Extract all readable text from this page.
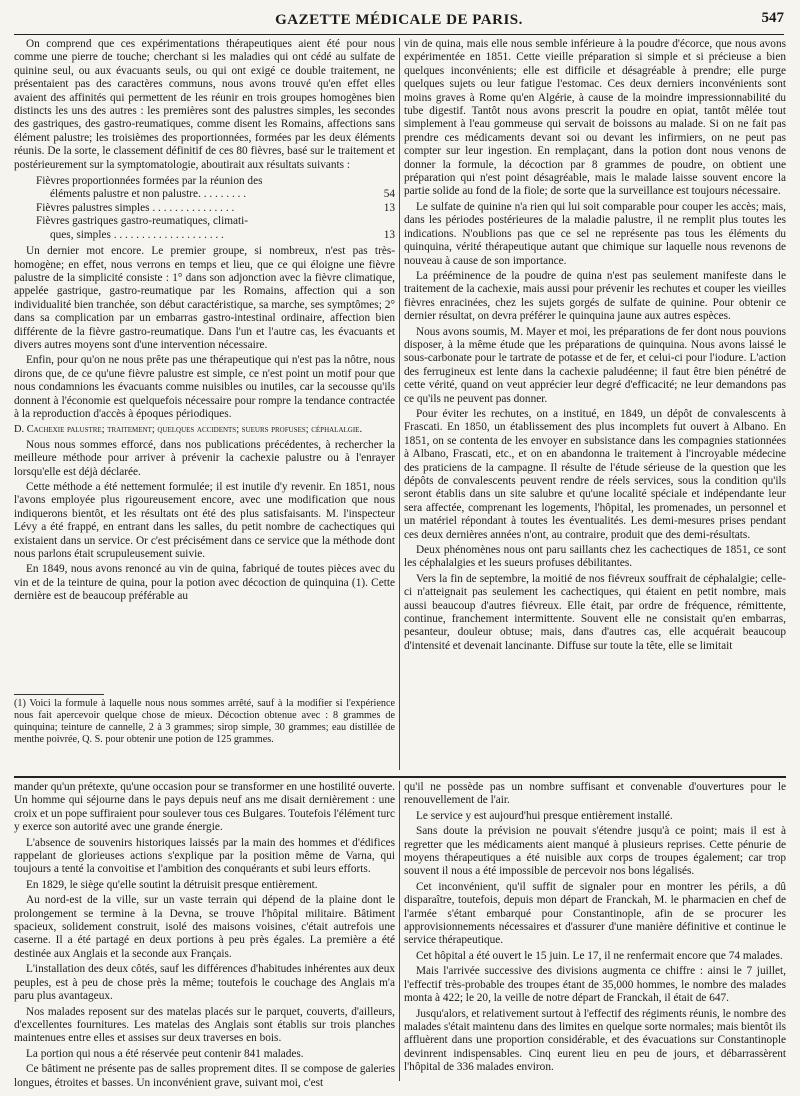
GAZETTE MÉDICALE DE PARIS.	547

On comprend que ces expérimentations thérapeutiques aient été pour nous comme une pierre de touche; cherchant si les maladies qui ont cédé au sulfate de quinine seul, ou aux évacuants seuls, ou qui ont exigé ce double traitement, ne présentaient pas des caractères communs, nous avons trouvé qu'en effet elles avaient des affinités qui permettent de les réunir en trois groupes homogènes bien distincts les uns des autres : les premières sont des palustres simples, les secondes des gastriques, des gastro-reumatiques, comme disent les Romains, affections sans élément palustre; les troisièmes des proportionnées, formées par les deux éléments réunis. De la sorte, le classement définitif de ces 80 fièvres, basé sur le traitement et postérieurement sur la symptomatologie, aboutirait aux résultats suivants :

Fièvres proportionnées formées par la réunion des
éléments palustre et non palustre. . . . . . . . .	54
Fièvres palustres simples . . . . . . . . . . . . . . .	13
Fièvres gastriques gastro-reumatiques, climati-
ques, simples . . . . . . . . . . . . . . . . . . . .	13

Un dernier mot encore. Le premier groupe, si nombreux, n'est pas très-homogène; en effet, nous verrons en temps et lieu, que ce qui éloigne une fièvre palustre de la simplicité consiste : 1° dans son adjonction avec la fièvre climatique, appelée gastrique, gastro-reumatique par les Romains, affection qui a son individualité bien tranchée, son début caractéristique, sa marche, ses symptômes; 2° dans sa complication par un embarras gastro-intestinal ordinaire, affection bien différente de la fièvre gastro-reumatique. Dans l'un et l'autre cas, les évacuants et divers autres moyens sont d'une intervention nécessaire.

Enfin, pour qu'on ne nous prête pas une thérapeutique qui n'est pas la nôtre, nous dirons que, de ce qu'une fièvre palustre est simple, ce n'est point un motif pour que nous condamnions les évacuants comme nuisibles ou inutiles, car la secousse qu'ils donnent à l'économie est quelquefois nécessaire pour rompre la tendance contractée à la reproduction d'accès à époques périodiques.

D. Cachexie palustre; traitement; quelques accidents; sueurs profuses; céphalalgie.

Nous nous sommes efforcé, dans nos publications précédentes, à rechercher la meilleure méthode pour arriver à prévenir la cachexie palustre ou à l'enrayer lorsqu'elle est déjà déclarée.

Cette méthode a été nettement formulée; il est inutile d'y revenir. En 1851, nous l'avons employée plus rigoureusement encore, avec une modification que nous indiquerons bientôt, et les résultats ont été des plus satisfaisants. M. l'inspecteur Lévy a été frappé, en entrant dans les salles, du petit nombre de cachectiques qui existaient dans un service. Or c'est précisément dans ce service que la méthode dont nous parlons était scrupuleusement suivie.

En 1849, nous avons renoncé au vin de quina, fabriqué de toutes pièces avec du vin et de la teinture de quina, pour la potion avec décoction de quinquina (1). Cette dernière est de beaucoup préférable au

(1) Voici la formule à laquelle nous nous sommes arrêté, sauf à la modifier si l'expérience nous fait apercevoir quelque chose de mieux. Décoction obtenue avec : 8 grammes de quinquina; teinture de cannelle, 2 à 3 grammes; sirop simple, 30 grammes; eau distillée de menthe poivrée, Q. S. pour obtenir une potion de 125 grammes.

vin de quina, mais elle nous semble inférieure à la poudre d'écorce, que nous avons expérimentée en 1851. Cette vieille préparation si simple et si précieuse a bien quelques inconvénients; elle est difficile et désagréable à prendre; elle purge quelques sujets ou leur fatigue l'estomac. Ces deux derniers inconvénients sont moins graves à Rome qu'en Algérie, à cause de la moindre impressionnabilité du tube digestif. Tantôt nous avons prescrit la poudre en opiat, tantôt mêlée tout simplement à l'eau gommeuse qui servait de boissons au malade. Si on ne fait pas prendre ces médicaments devant soi ou devant les infirmiers, on ne peut pas compter sur leur ingestion. En remplaçant, dans la potion dont nous venons de donner la formule, la décoction par 8 grammes de poudre, on obtient une préparation qui n'est point désagréable, mais le malade laisse souvent encore la partie solide au fond de la fiole; de sorte que la surveillance est toujours nécessaire.

Le sulfate de quinine n'a rien qui lui soit comparable pour couper les accès; mais, dans les périodes postérieures de la maladie palustre, il ne remplit plus toutes les indications. N'oublions pas que ce sel ne représente pas tous les éléments du quinquina, vérité thérapeutique autant que chimique sur laquelle nous revenons de nouveau à cause de son importance.

La prééminence de la poudre de quina n'est pas seulement manifeste dans le traitement de la cachexie, mais aussi pour prévenir les rechutes et couper les vieilles fièvres enracinées, chez les sujets gorgés de sulfate de quinine. Pour obtenir ce dernier résultat, on devra préférer le quinquina jaune aux autres espèces.

Nous avons soumis, M. Mayer et moi, les préparations de fer dont nous pouvions disposer, à la même étude que les préparations de quinquina. Nous avons laissé le sous-carbonate pour le tartrate de potasse et de fer, et celui-ci pour l'iodure. L'action des ferrugineux est lente dans la cachexie paludéenne; il faut être bien pénétré de cette vérité, quand on veut apprécier leur degré d'efficacité; ne leur demandons pas ce qu'ils ne peuvent pas donner.

Pour éviter les rechutes, on a institué, en 1849, un dépôt de convalescents à Frascati. En 1850, un établissement des plus incomplets fut ouvert à Albano. En 1851, on se contenta de les envoyer en subsistance dans les compagnies stationnées à Albano, Frascati, etc., et on en abandonna le traitement à l'incroyable médecine des praticiens de la campagne. Il résulte de l'étude sérieuse de la question que les dépôts de convalescents peuvent rendre de réels services, sous la condition qu'ils seront établis dans un site salubre et qu'une localité spéciale et indépendante leur sera affectée, comprenant les logements, l'hôpital, les promenades, un personnel et un matériel répondant à toutes les éventualités. Les demi-mesures prises pendant ces deux dernières années n'ont, au contraire, produit que des demi-résultats.

Deux phénomènes nous ont paru saillants chez les cachectiques de 1851, ce sont les céphalalgies et les sueurs profuses débilitantes.

Vers la fin de septembre, la moitié de nos fiévreux souffrait de céphalalgie; celle-ci n'atteignait pas seulement les cachectiques, qui étaient en petit nombre, mais aussi beaucoup d'autres fiévreux. Elle était, par ordre de fréquence, rémittente, continue, franchement intermittente. Souvent elle ne consistait qu'en embarras, pesanteur, douleur obtuse; mais, dans d'autres cas, elle acquérait beaucoup d'intensité et devenait lancinante. Diffuse sur toute la tête, elle se limitait

mander qu'un prétexte, qu'une occasion pour se transformer en une hostilité ouverte. Un homme qui séjourne dans le pays depuis neuf ans me disait dernièrement : une croix et un pope suffiraient pour soulever tous ces Bulgares. Toutefois l'élément turc y exerce son autorité avec une grande énergie.

L'absence de souvenirs historiques laissés par la main des hommes et d'édifices rappelant de glorieuses actions s'explique par la position même de Varna, qui toujours a tenté la convoitise et l'ambition des conquérants et subi leurs efforts.

En 1829, le siège qu'elle soutint la détruisit presque entièrement.

Au nord-est de la ville, sur un vaste terrain qui dépend de la plaine dont le prolongement se termine à la Devna, se trouve l'hôpital militaire. Bâtiment spacieux, solidement construit, isolé des maisons voisines, c'était autrefois une caserne. Il a été partagé en deux portions à peu près égales. La première a été destinée aux Anglais et la seconde aux Français.

L'installation des deux côtés, sauf les différences d'habitudes inhérentes aux deux peuples, est à peu de chose près la même; toutefois le couchage des Anglais m'a paru plus avantageux.

Nos malades reposent sur des matelas placés sur le parquet, couverts, d'ailleurs, d'excellentes fournitures. Les matelas des Anglais sont établis sur trois planches maintenues entre elles et assises sur deux traverses en bois.

La portion qui nous a été réservée peut contenir 841 malades.

Ce bâtiment ne présente pas de salles proprement dites. Il se compose de galeries longues, étroites et basses. Un inconvénient grave, suivant moi, c'est

qu'il ne possède pas un nombre suffisant et convenable d'ouvertures pour le renouvellement de l'air.

Le service y est aujourd'hui presque entièrement installé.

Sans doute la prévision ne pouvait s'étendre jusqu'à ce point; mais il est à regretter que les médicaments aient manqué à plusieurs reprises. Cette pénurie de moyens thérapeutiques a été nuisible aux corps de troupes également; car trop souvent il nous a été impossible de percevoir nos bons légalisés.

Cet inconvénient, qu'il suffit de signaler pour en montrer les périls, a dû disparaître, toutefois, depuis mon départ de Franckah, M. le pharmacien en chef de l'armée s'étant embarqué pour Constantinople, afin de se procurer les approvisionnements nécessaires et d'assurer d'une manière définitive et continue le service thérapeutique.

Cet hôpital a été ouvert le 15 juin. Le 17, il ne renfermait encore que 74 malades.

Mais l'arrivée successive des divisions augmenta ce chiffre : ainsi le 7 juillet, l'effectif très-probable des troupes étant de 35,000 hommes, le nombre des malades monta à 422; le 20, la veille de notre départ de Franckah, il était de 647.

Jusqu'alors, et relativement surtout à l'effectif des régiments réunis, le nombre des malades s'était maintenu dans des limites en quelque sorte normales; mais bientôt ils affluèrent dans une proportion considérable, et des évacuations sur Constantinople devinrent indispensables. Cinq eurent lieu en peu de jours, et débarrassèrent l'hôpital de 336 malades environ.
